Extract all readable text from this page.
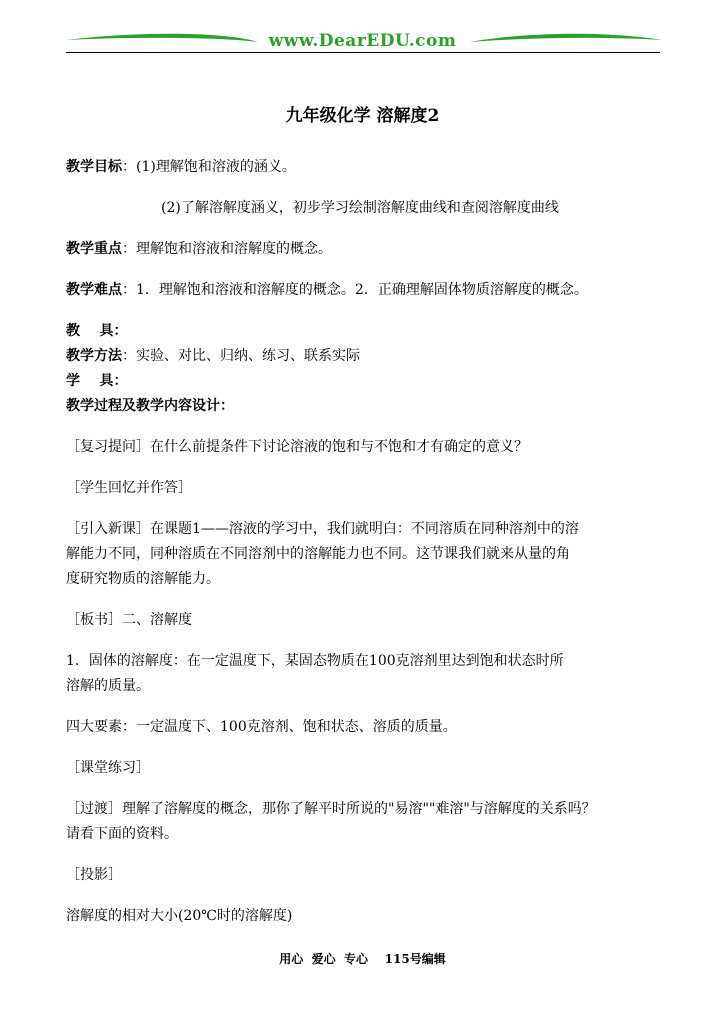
www.DearEDU.com
九年级化学 溶解度2

教学目标：(1)理解饱和溶液的涵义。

(2)了解溶解度涵义，初步学习绘制溶解度曲线和查阅溶解度曲线

教学重点：理解饱和溶液和溶解度的概念。

教学难点：1．理解饱和溶液和溶解度的概念。2．正确理解固体物质溶解度的概念。

教    具：

教学方法：实验、对比、归纳、练习、联系实际

学    具：

教学过程及教学内容设计：

［复习提问］在什么前提条件下讨论溶液的饱和与不饱和才有确定的意义？

［学生回忆并作答］

［引入新课］在课题1——溶液的学习中，我们就明白：不同溶质在同种溶剂中的溶

解能力不同，同种溶质在不同溶剂中的溶解能力也不同。这节课我们就来从量的角

度研究物质的溶解能力。

［板书］二、溶解度

1．固体的溶解度：在一定温度下，某固态物质在100克溶剂里达到饱和状态时所

溶解的质量。

四大要素：一定温度下、100克溶剂、饱和状态、溶质的质量。

［课堂练习］

［过渡］理解了溶解度的概念，那你了解平时所说的"易溶""难溶"与溶解度的关系吗？

请看下面的资料。

［投影］

溶解度的相对大小(20℃时的溶解度)

用心  爱心  专心    115号编辑
